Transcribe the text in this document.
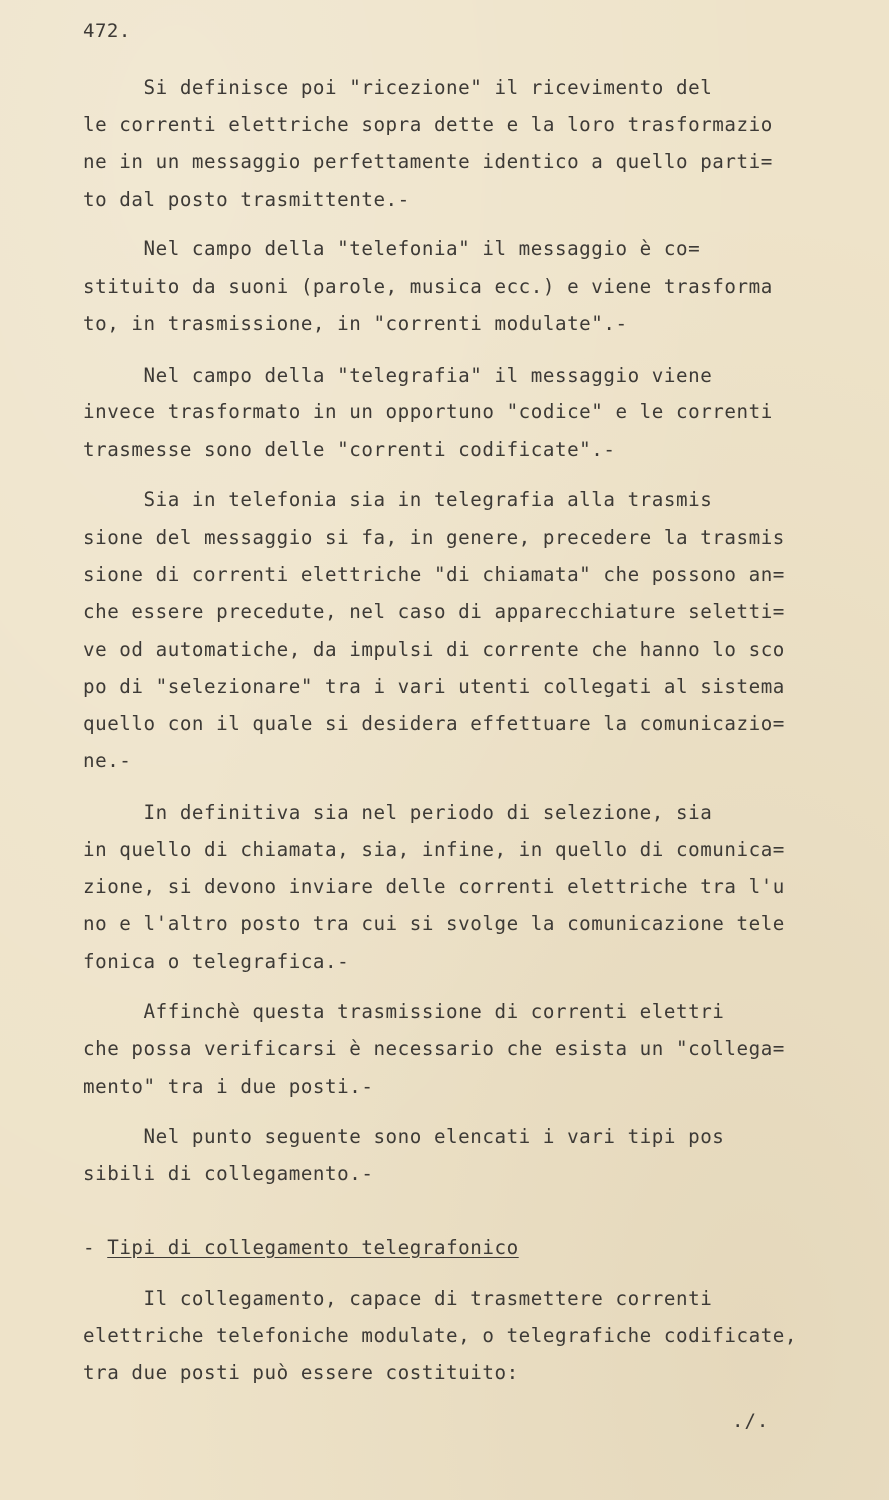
472.
Si definisce poi "ricezione" il ricevimento del
le correnti elettriche sopra dette e la loro trasformazio
ne in un messaggio perfettamente identico a quello parti=
to dal posto trasmittente.-
Nel campo della "telefonia" il messaggio è co=
stituito da suoni (parole, musica ecc.) e viene trasforma
to, in trasmissione, in "correnti modulate".-
Nel campo della "telegrafia" il messaggio viene
invece trasformato in un opportuno "codice" e le correnti
trasmesse sono delle "correnti codificate".-
Sia in telefonia sia in telegrafia alla trasmis
sione del messaggio si fa, in genere, precedere la trasmis
sione di correnti elettriche "di chiamata" che possono an=
che essere precedute, nel caso di apparecchiature seletti=
ve od automatiche, da impulsi di corrente che hanno lo sco
po di "selezionare" tra i vari utenti collegati al sistema
quello con il quale si desidera effettuare la comunicazio=
ne.-
In definitiva sia nel periodo di selezione, sia
in quello di chiamata, sia, infine, in quello di comunica=
zione, si devono inviare delle correnti elettriche tra l'u
no e l'altro posto tra cui si svolge la comunicazione tele
fonica o telegrafica.-
Affinchè questa trasmissione di correnti elettri
che possa verificarsi è necessario che esista un "collega=
mento" tra i due posti.-
Nel punto seguente sono elencati i vari tipi pos
sibili di collegamento.-
- Tipi di collegamento telegrafonico
Il collegamento, capace di trasmettere correnti
elettriche telefoniche modulate, o telegrafiche codificate,
tra due posti può essere costituito:
./.
